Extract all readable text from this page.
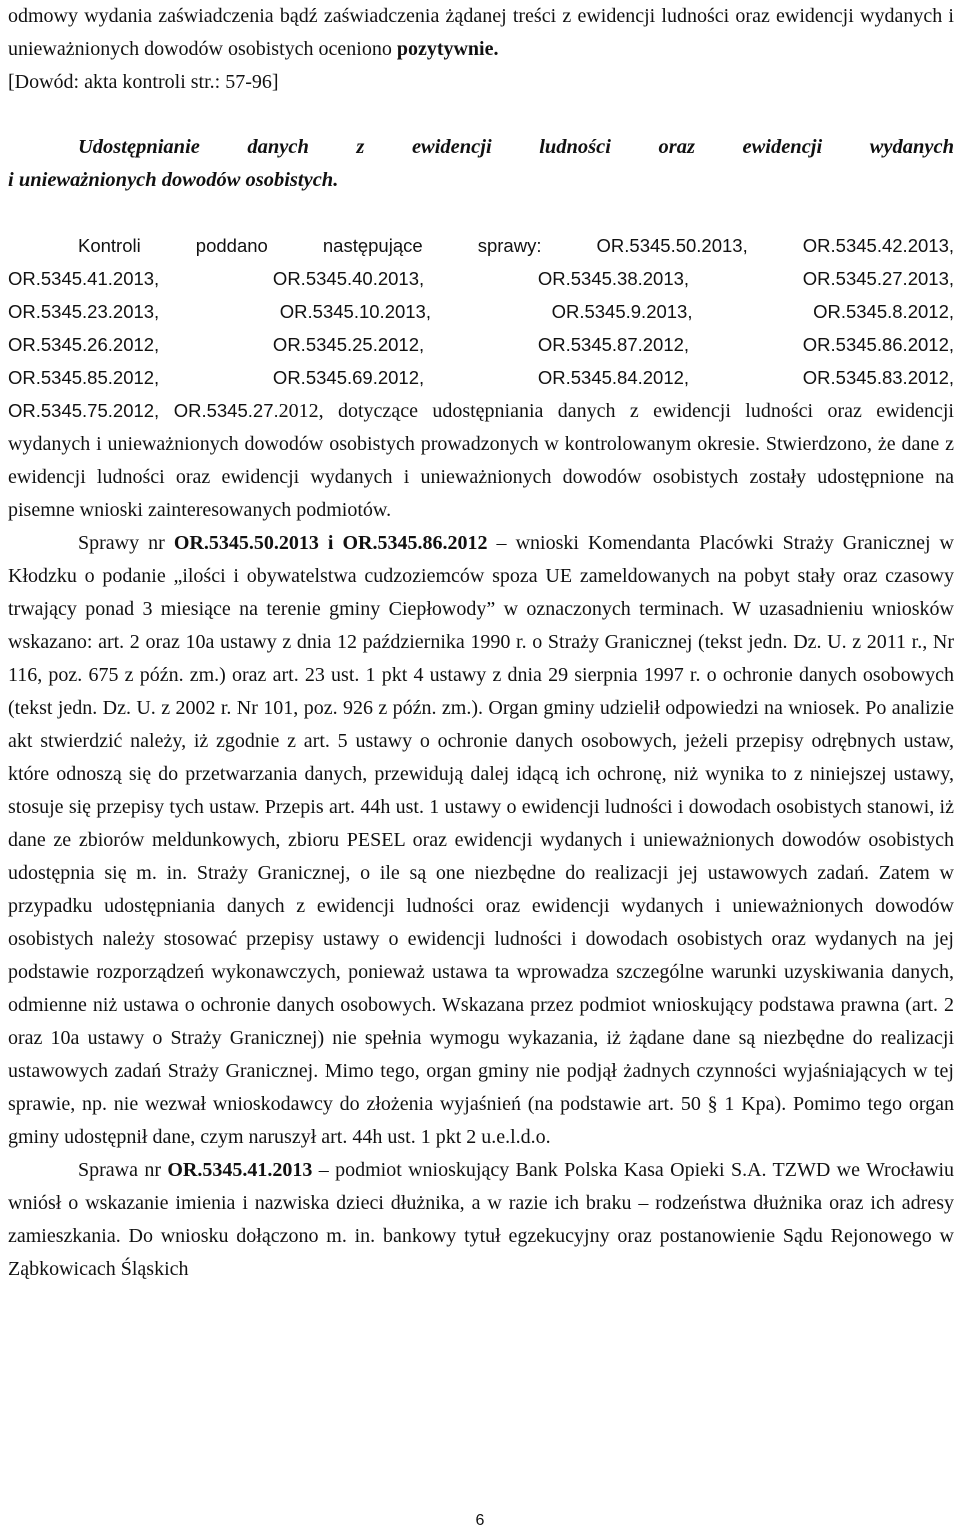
odmowy wydania zaświadczenia bądź zaświadczenia żądanej treści z ewidencji ludności oraz ewidencji wydanych i unieważnionych dowodów osobistych oceniono pozytywnie.
[Dowód: akta kontroli str.: 57-96]

Udostępnianie danych z ewidencji ludności oraz ewidencji wydanych

i unieważnionych dowodów osobistych.

Kontroli poddano następujące sprawy: OR.5345.50.2013, OR.5345.42.2013,

OR.5345.41.2013, OR.5345.40.2013, OR.5345.38.2013, OR.5345.27.2013,

OR.5345.23.2013, OR.5345.10.2013, OR.5345.9.2013, OR.5345.8.2012,

OR.5345.26.2012, OR.5345.25.2012, OR.5345.87.2012, OR.5345.86.2012,

OR.5345.85.2012, OR.5345.69.2012, OR.5345.84.2012, OR.5345.83.2012,

OR.5345.75.2012, OR.5345.27.2012, dotyczące udostępniania danych z ewidencji ludności oraz ewidencji wydanych i unieważnionych dowodów osobistych prowadzonych w kontrolowanym okresie. Stwierdzono, że dane z ewidencji ludności oraz ewidencji wydanych i unieważnionych dowodów osobistych zostały udostępnione na pisemne wnioski zainteresowanych podmiotów.

Sprawy nr OR.5345.50.2013 i OR.5345.86.2012 – wnioski Komendanta Placówki Straży Granicznej w Kłodzku o podanie „ilości i obywatelstwa cudzoziemców spoza UE zameldowanych na pobyt stały oraz czasowy trwający ponad 3 miesiące na terenie gminy Ciepłowody” w oznaczonych terminach. W uzasadnieniu wniosków wskazano: art. 2 oraz 10a ustawy z dnia 12 października 1990 r. o Straży Granicznej (tekst jedn. Dz. U. z 2011 r., Nr 116, poz. 675 z późn. zm.) oraz art. 23 ust. 1 pkt 4 ustawy z dnia 29 sierpnia 1997 r. o ochronie danych osobowych (tekst jedn. Dz. U. z 2002 r. Nr 101, poz. 926 z późn. zm.). Organ gminy udzielił odpowiedzi na wniosek. Po analizie akt stwierdzić należy, iż zgodnie z art. 5 ustawy o ochronie danych osobowych, jeżeli przepisy odrębnych ustaw, które odnoszą się do przetwarzania danych, przewidują dalej idącą ich ochronę, niż wynika to z niniejszej ustawy, stosuje się przepisy tych ustaw. Przepis art. 44h ust. 1 ustawy o ewidencji ludności i dowodach osobistych stanowi, iż dane ze zbiorów meldunkowych, zbioru PESEL oraz ewidencji wydanych i unieważnionych dowodów osobistych udostępnia się m. in. Straży Granicznej, o ile są one niezbędne do realizacji jej ustawowych zadań. Zatem w przypadku udostępniania danych z ewidencji ludności oraz ewidencji wydanych i unieważnionych dowodów osobistych należy stosować przepisy ustawy o ewidencji ludności i dowodach osobistych oraz wydanych na jej podstawie rozporządzeń wykonawczych, ponieważ ustawa ta wprowadza szczególne warunki uzyskiwania danych, odmienne niż ustawa o ochronie danych osobowych. Wskazana przez podmiot wnioskujący podstawa prawna (art. 2 oraz 10a ustawy o Straży Granicznej) nie spełnia wymogu wykazania, iż żądane dane są niezbędne do realizacji ustawowych zadań Straży Granicznej. Mimo tego, organ gminy nie podjął żadnych czynności wyjaśniających w tej sprawie, np. nie wezwał wnioskodawcy do złożenia wyjaśnień (na podstawie art. 50 § 1 Kpa). Pomimo tego organ gminy udostępnił dane, czym naruszył art. 44h ust. 1 pkt 2 u.e.l.d.o.

Sprawa nr OR.5345.41.2013 – podmiot wnioskujący Bank Polska Kasa Opieki S.A. TZWD we Wrocławiu wniósł o wskazanie imienia i nazwiska dzieci dłużnika, a w razie ich braku – rodzeństwa dłużnika oraz ich adresy zamieszkania. Do wniosku dołączono m. in. bankowy tytuł egzekucyjny oraz postanowienie Sądu Rejonowego w Ząbkowicach Śląskich

6
